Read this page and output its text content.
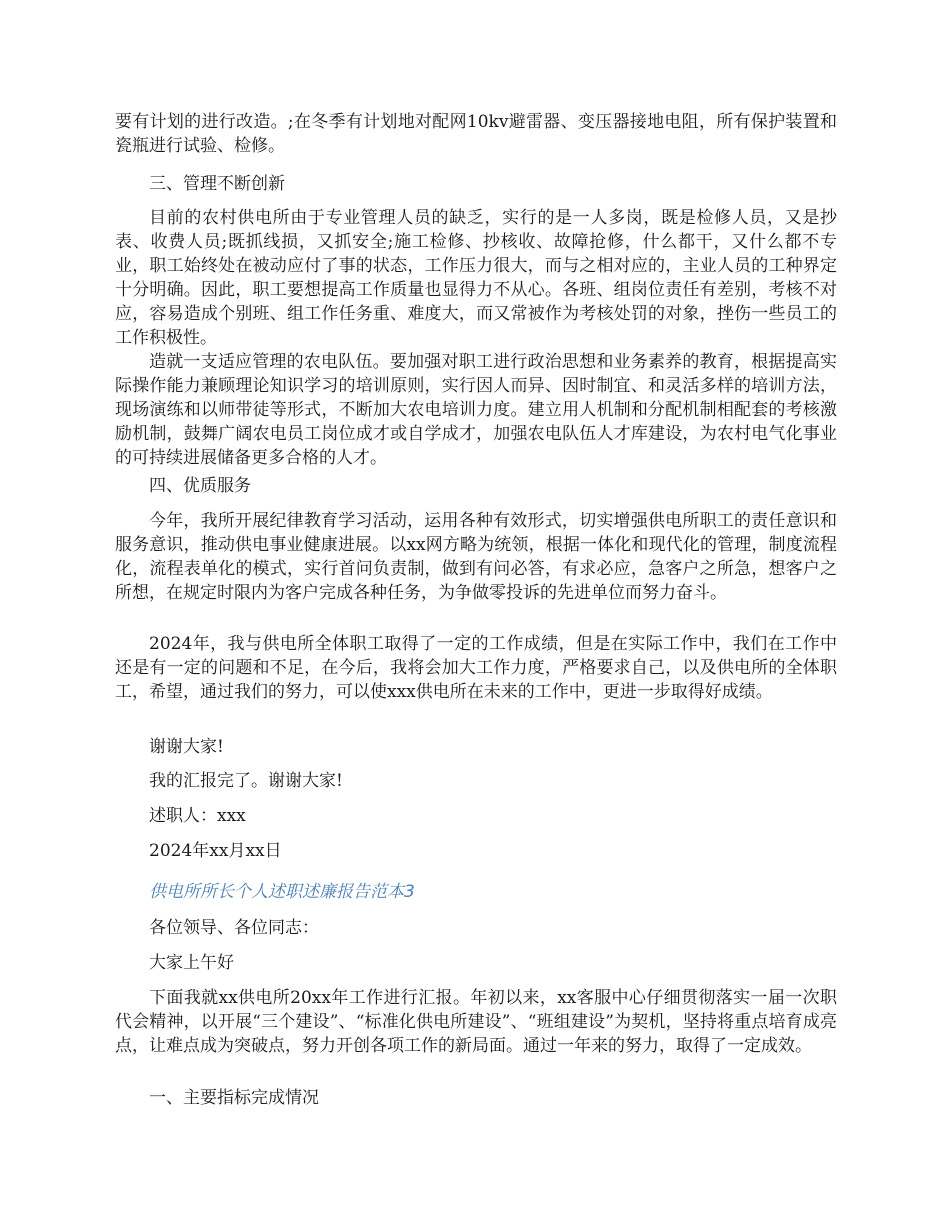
要有计划的进行改造。;在冬季有计划地对配网10kv避雷器、变压器接地电阻，所有保护装置和瓷瓶进行试验、检修。

三、管理不断创新

目前的农村供电所由于专业管理人员的缺乏，实行的是一人多岗，既是检修人员，又是抄表、收费人员;既抓线损，又抓安全;施工检修、抄核收、故障抢修，什么都干，又什么都不专业，职工始终处在被动应付了事的状态，工作压力很大，而与之相对应的，主业人员的工种界定十分明确。因此，职工要想提高工作质量也显得力不从心。各班、组岗位责任有差别，考核不对应，容易造成个别班、组工作任务重、难度大，而又常被作为考核处罚的对象，挫伤一些员工的工作积极性。

造就一支适应管理的农电队伍。要加强对职工进行政治思想和业务素养的教育，根据提高实际操作能力兼顾理论知识学习的培训原则，实行因人而异、因时制宜、和灵活多样的培训方法，现场演练和以师带徒等形式，不断加大农电培训力度。建立用人机制和分配机制相配套的考核激励机制，鼓舞广阔农电员工岗位成才或自学成才，加强农电队伍人才库建设，为农村电气化事业的可持续进展储备更多合格的人才。

四、优质服务

今年，我所开展纪律教育学习活动，运用各种有效形式，切实增强供电所职工的责任意识和服务意识，推动供电事业健康进展。以xx网方略为统领，根据一体化和现代化的管理，制度流程化，流程表单化的模式，实行首问负责制，做到有问必答，有求必应，急客户之所急，想客户之所想，在规定时限内为客户完成各种任务，为争做零投诉的先进单位而努力奋斗。

2024年，我与供电所全体职工取得了一定的工作成绩，但是在实际工作中，我们在工作中还是有一定的问题和不足，在今后，我将会加大工作力度，严格要求自己，以及供电所的全体职工，希望，通过我们的努力，可以使xxx供电所在未来的工作中，更进一步取得好成绩。

谢谢大家!

我的汇报完了。谢谢大家!

述职人：xxx

2024年xx月xx日

供电所所长个人述职述廉报告范本3

各位领导、各位同志：

大家上午好

下面我就xx供电所20xx年工作进行汇报。年初以来，xx客服中心仔细贯彻落实一届一次职代会精神，以开展“三个建设”、“标准化供电所建设”、“班组建设”为契机，坚持将重点培育成亮点，让难点成为突破点，努力开创各项工作的新局面。通过一年来的努力，取得了一定成效。

一、主要指标完成情况
